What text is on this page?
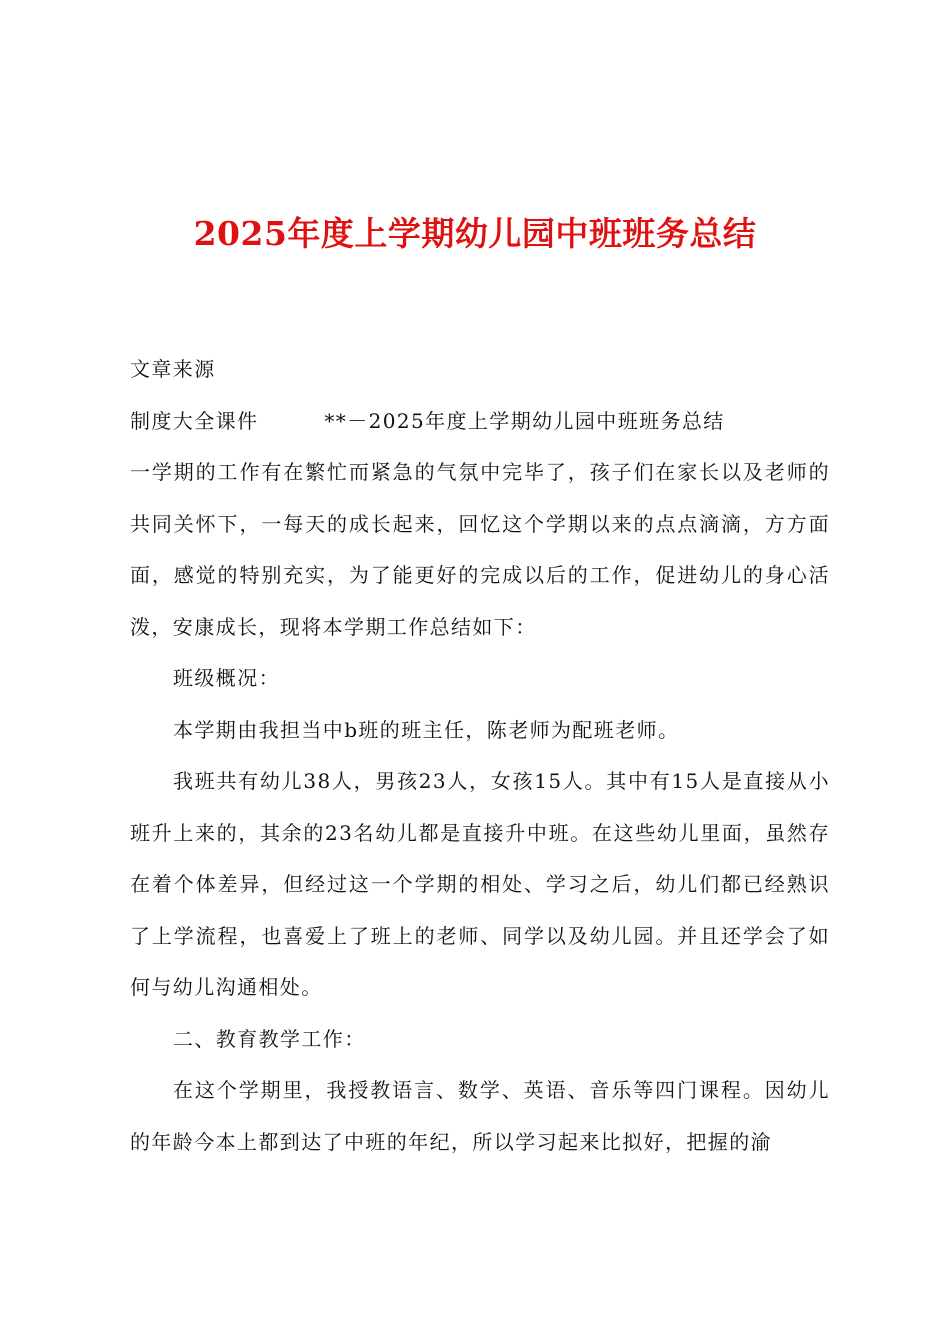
2025年度上学期幼儿园中班班务总结

文章来源

制度大全课件	**－2025年度上学期幼儿园中班班务总结

一学期的工作有在繁忙而紧急的气氛中完毕了，孩子们在家长以及老师的共同关怀下，一每天的成长起来，回忆这个学期以来的点点滴滴，方方面面，感觉的特别充实，为了能更好的完成以后的工作，促进幼儿的身心活泼，安康成长，现将本学期工作总结如下：

班级概况：

本学期由我担当中b班的班主任，陈老师为配班老师。

我班共有幼儿38人，男孩23人，女孩15人。其中有15人是直接从小班升上来的，其余的23名幼儿都是直接升中班。在这些幼儿里面，虽然存在着个体差异，但经过这一个学期的相处、学习之后，幼儿们都已经熟识了上学流程，也喜爱上了班上的老师、同学以及幼儿园。并且还学会了如何与幼儿沟通相处。

二、教育教学工作：

在这个学期里，我授教语言、数学、英语、音乐等四门课程。因幼儿的年龄今本上都到达了中班的年纪，所以学习起来比拟好，把握的渝
